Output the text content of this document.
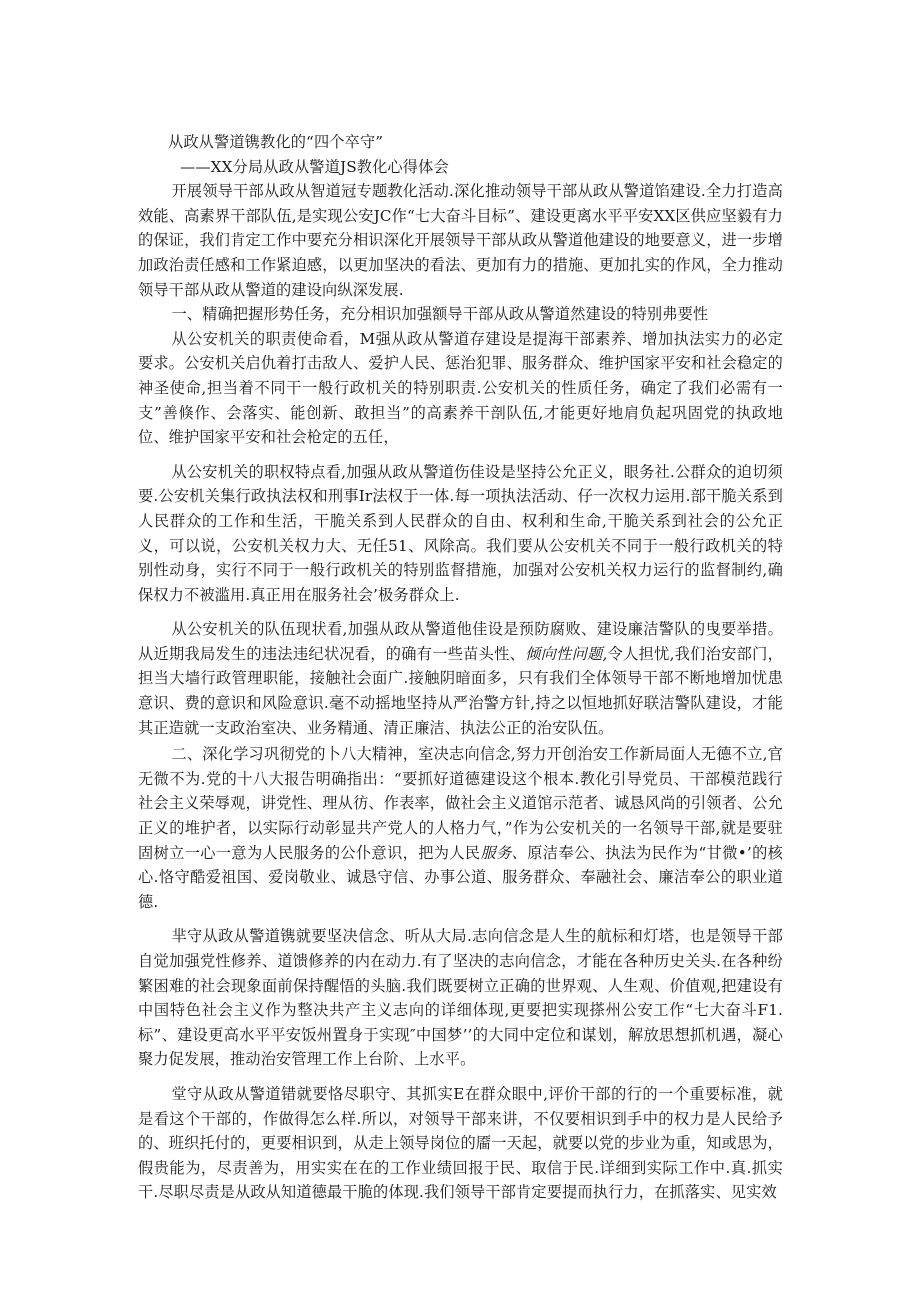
从政从警道镌教化的“四个卒守”
——XX分局从政从警道JS教化心得体会

开展领导干部从政从智道冠专题教化活动.深化推动领导干部从政从警道馅建设.全力打造高效能、高素界干部队伍,是实现公安JC作“七大奋斗目标”、建设更离水平平安XX区供应坚毅有力的保证，我们肯定工作中要充分相识深化开展领导干部从政从警道他建设的地要意义，进一步增加政治责任感和工作紧迫感，以更加坚决的看法、更加有力的措施、更加扎实的作风，全力推动领导干部从政从警道的建设向纵深发展.

一、精确把握形势任务，充分相识加强额导干部从政从警道然建设的特别弗要性

从公安机关的职责使命看，M强从政从警道存建设是提海干部素养、增加执法实力的必定要求。公安机关启仇着打击敌人、爱护人民、惩治犯罪、服务群众、维护国家平安和社会稳定的神圣使命,担当着不同干一般行政机关的特别职责.公安机关的性质任务，确定了我们必需有一支”善倏作、会落实、能创新、敢担当”的高素养干剖队伍,才能更好地肩负起巩固党的执政地位、维护国家平安和社会枪定的五任，

从公安机关的职权特点看,加强从政从警道伤佳设是坚持公允正义，眼务社.公群众的迫切须要.公安机关集行政执法权和刑事Ir法权于一体.每一项执法活动、仔一次权力运用.部干脆关系到人民群众的工作和生活，干脆关系到人民群众的自由、权利和生命,干脆关系到社会的公允正义，可以说，公安机关权力大、无任51、风除高。我们要从公安机关不同于一般行政机关的特别性动身，实行不同于一般行政机关的特别监督措施，加强对公安机关权力运行的监督制约,确保权力不被滥用.真正用在服务社会’极务群众上.

从公安机关的队伍现状看,加强从政从警道他佳设是预防腐败、建设廉洁警队的曳要举措。从近期我局发生的违法违纪状况看，的确有一些苗头性、倾向性问题,令人担忧,我们治安部门，担当大墙行政管理职能，接触社会面广.接触阴暗面多，只有我们全体领导干部不断地增加忧患意识、费的意识和风险意识.毫不动摇地坚持从严治警方针,持之以恒地抓好联洁警队建设，才能其正造就一支政治室决、业务精通、清正廉洁、执法公正的治安队伍。

二、深化学习巩彻党的卜八大精神，室决志向信念,努力开创治安工作新局面人无德不立,官无微不为.党的十八大报告明确指出：“要抓好道德建设这个根本.教化引导党员、干部模范践行社会主义荣辱观，讲党性、理从彷、作表率，做社会主义道馆示范者、诚恳风尚的引领者、公允正义的堆护者，以实际行动彰显共产党人的人格力气，”作为公安机关的一名领导干部,就是要驻固树立一心一意为人民服务的公仆意识，把为人民服务、原洁奉公、执法为民作为“甘微•’的核心.恪守酷爱祖国、爱岗敬业、诚恳守信、办事公道、服务群众、奉融社会、廉洁奉公的职业道德.

芈守从政从警道镌就要坚决信念、听从大局.志向信念是人生的航标和灯塔，也是领导干部自觉加强党性修养、道馈修养的内在动力.有了坚决的志向信念，才能在各种历史关头.在各种纷繁困难的社会现象面前保持醒悟的头脑.我们既要树立正确的世界观、人生观、价值观,把建设有中国特色社会主义作为整决共产主义志向的详细体现,更要把实现搽州公安工作“七大奋斗F1.标”、建设更高水平平安饭州置身于实现″中国梦’’的大同中定位和谋划，解放思想抓机遇，凝心聚力促发展，推动治安管理工作上台阶、上水平。

堂守从政从警道错就要恪尽职守、其抓实E在群众眼中,评价干部的行的一个重要标准，就是看这个干部的，作做得怎么样.所以，对领导干部来讲，不仅要相识到手中的权力是人民给予的、班织托付的，更要相识到，从走上领导岗位的靥一天起，就要以党的步业为重，知或思为，假贵能为，尽责善为，用实实在在的工作业绩回报于民、取信于民.详细到实际工作中.真.抓实干.尽职尽责是从政从知道德最干脆的体现.我们领导干部肯定要提而执行力，在抓落实、见实效
